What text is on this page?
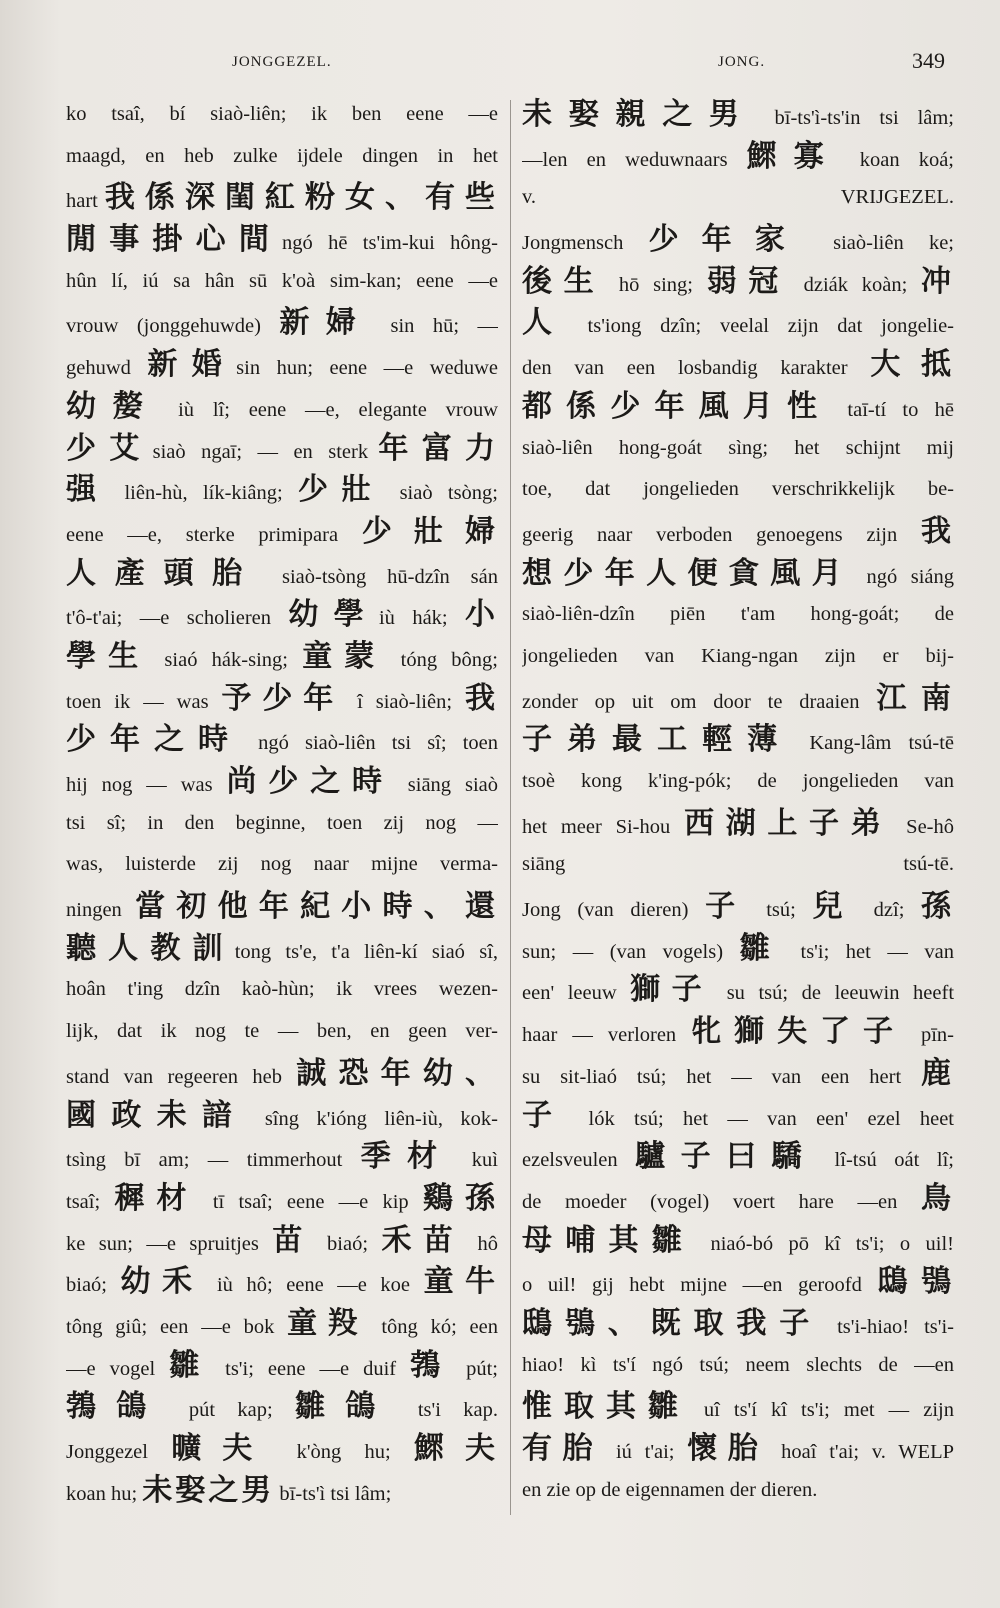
JONGGEZEL.	JONG.	349
ko tsaî, bí siaò-liên; ik ben eene —e
maagd, en heb zulke ijdele dingen in het
hart我係深閨紅粉女、有些
閒事掛心間ngó hē ts'im-kui hông-
hûn lí, iú sa hân sū k'oà sim-kan; eene —e
vrouw (jonggehuwde) 新婦 sin hū; —
gehuwd 新婚sin hun; eene —e weduwe
幼嫠 iù lî; eene —e, elegante vrouw
少艾siaò ngaī; — en sterk年富力
强 liên-hù, lík-kiâng; 少壯 siaò tsòng;
eene —e, sterke primipara 少壯婦
人產頭胎 siaò-tsòng hū-dzîn sán
t'ô-t'ai; —e scholieren 幼學iù hák; 小
學生 siaó hák-sing; 童蒙 tóng bông;
toen ik — was 予少年 î siaò-liên; 我
少年之時 ngó siaò-liên tsi sî; toen
hij nog — was 尚少之時 siāng siaò
tsi sî; in den beginne, toen zij nog —
was, luisterde zij nog naar mijne verma-
ningen 當初他年紀小時、還
聽人教訓tong ts'e, t'a liên-kí siaó sî,
hoân t'ing dzîn kaò-hùn; ik vrees wezen-
lijk, dat ik nog te — ben, en geen ver-
stand van regeeren heb 誠恐年幼、
國政未諳 sîng k'ióng liên-iù, kok-
tsìng bī am; — timmerhout 季材 kuì
tsaî; 穉材 tī tsaî; eene —e kip 鷄孫
ke sun; —e spruitjes 苗 biaó; 禾苗 hô
biaó; 幼禾 iù hô; eene —e koe 童牛
tông giû; een —e bok 童羖 tông kó; een
—e vogel 雛 ts'i; eene —e duif 鵓 pút;
鵓鴿 pút kap; 雛鴿 ts'i kap.
Jonggezel 曠夫 k'òng hu; 鰥夫
koan hu; 未娶之男 bī-ts'ì tsi lâm;
未娶親之男 bī-ts'ì-ts'in tsi lâm;
—len en weduwnaars 鰥寡 koan koá;
v. VRIJGEZEL.
Jongmensch 少年家 siaò-liên ke;
後生 hō sing; 弱冠 dziák koàn; 冲
人 ts'iong dzîn; veelal zijn dat jongelie-
den van een losbandig karakter 大抵
都係少年風月性 taī-tí to hē
siaò-liên hong-goát sìng; het schijnt mij
toe, dat jongelieden verschrikkelijk be-
geerig naar verboden genoegens zijn 我
想少年人便貪風月 ngó siáng
siaò-liên-dzîn piēn t'am hong-goát; de
jongelieden van Kiang-ngan zijn er bij-
zonder op uit om door te draaien 江南
子弟最工輕薄 Kang-lâm tsú-tē
tsoè kong k'ing-pók; de jongelieden van
het meer Si-hou 西湖上子弟 Se-hô
siāng tsú-tē.
Jong (van dieren) 子 tsú; 兒 dzî; 孫
sun; — (van vogels) 雛 ts'i; het — van
een' leeuw 獅子 su tsú; de leeuwin heeft
haar — verloren 牝獅失了子 pīn-
su sit-liaó tsú; het — van een hert 鹿
子 lók tsú; het — van een' ezel heet
ezelsveulen 驢子曰驕 lî-tsú oát lî;
de moeder (vogel) voert hare —en 鳥
母哺其雛 niaó-bó pō kî ts'i; o uil!
o uil! gij hebt mijne —en geroofd 鴟鴞
鴟鴞、既取我子 ts'i-hiao! ts'i-
hiao! kì ts'í ngó tsú; neem slechts de —en
惟取其雛 uî ts'í kî ts'i; met — zijn
有胎 iú t'ai; 懷胎 hoaî t'ai; v. WELP
en zie op de eigennamen der dieren.
